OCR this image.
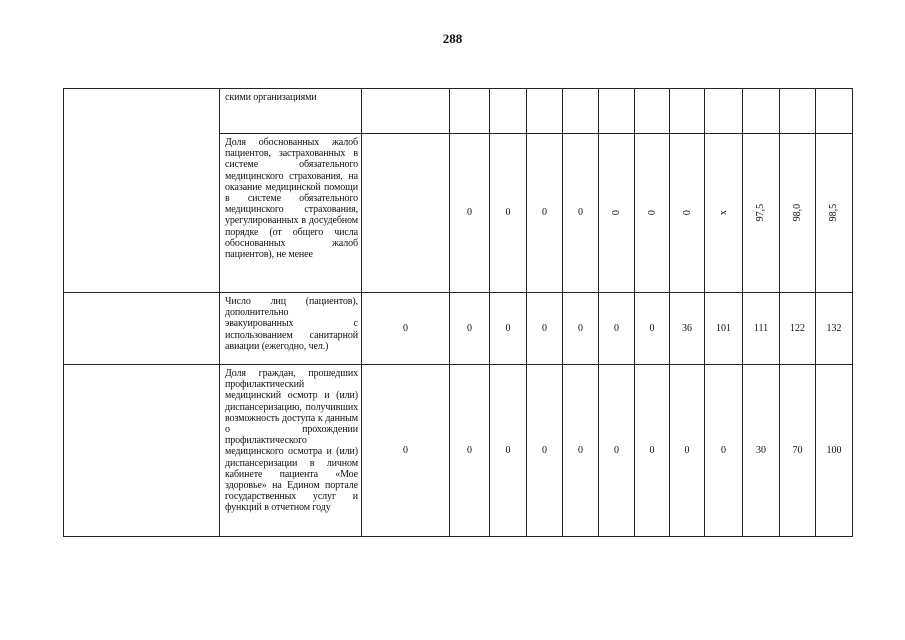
288
	скими организациями												
	Доля обоснованных жалоб пациентов, застрахованных в системе обязательного медицинского страхования, на оказание медицинской помощи в системе обязательного медицинского страхования, урегулированных в досудебном порядке (от общего числа обоснованных жалоб пациентов), не менее		0	0	0	0	0	0	0	x	97,5	98,0	98,5
	Число лиц (пациентов), дополнительно эвакуированных с использованием санитарной авиации (ежегодно, чел.)	0	0	0	0	0	0	0	36	101	111	122	132
	Доля граждан, прошедших профилактический медицинский осмотр и (или) диспансеризацию, получивших возможность доступа к данным о прохождении профилактического медицинского осмотра и (или) диспансеризации в личном кабинете пациента «Мое здоровье» на Едином портале государственных услуг и функций в отчетном году	0	0	0	0	0	0	0	0	0	30	70	100
